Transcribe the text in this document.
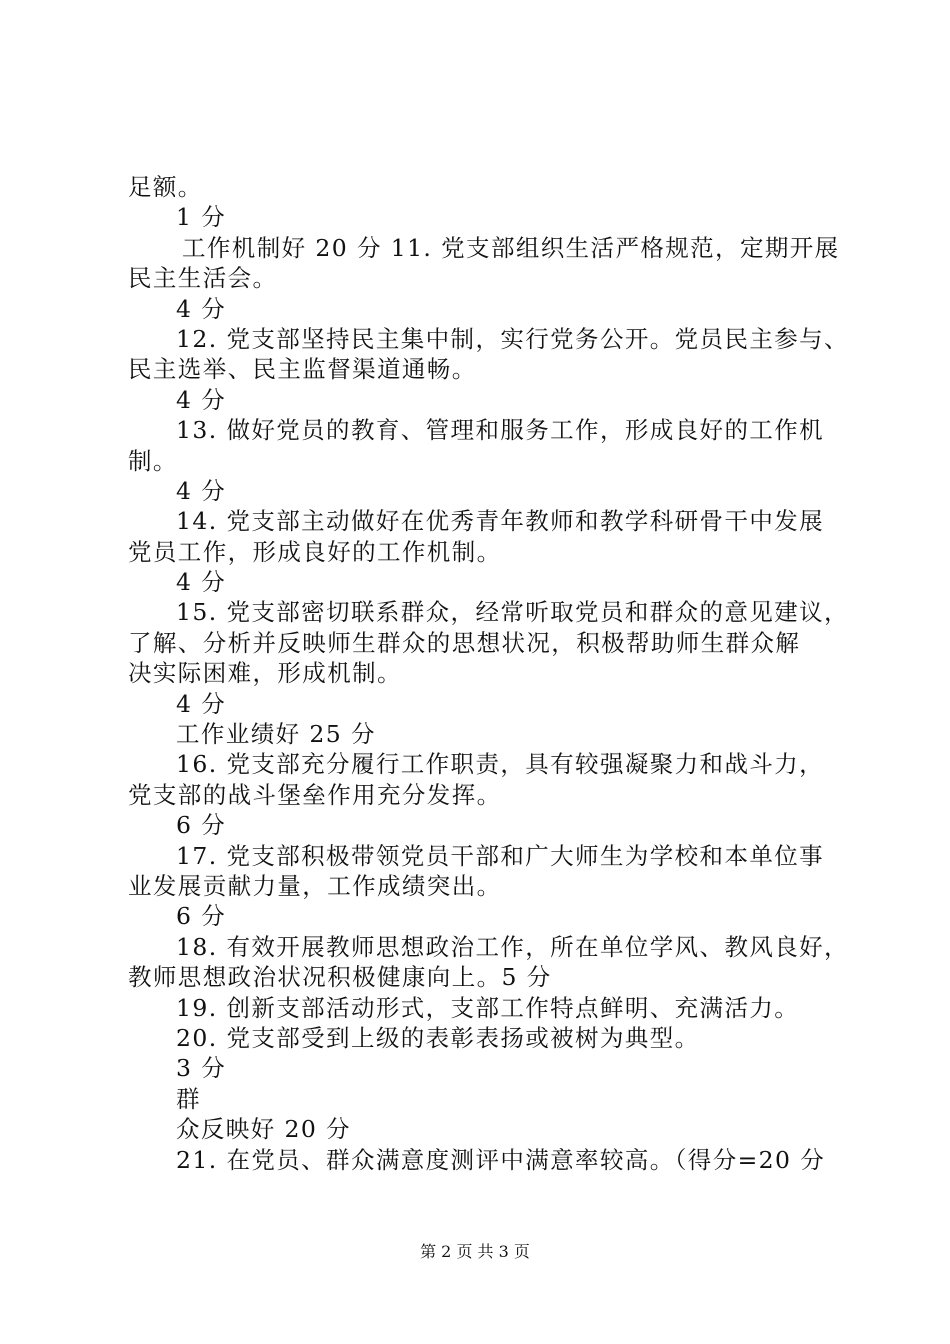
足额。
1 分
工作机制好 20 分 11. 党支部组织生活严格规范，定期开展
民主生活会。
4 分
12. 党支部坚持民主集中制，实行党务公开。党员民主参与、
民主选举、民主监督渠道通畅。
4 分
13. 做好党员的教育、管理和服务工作，形成良好的工作机
制。
4 分
14. 党支部主动做好在优秀青年教师和教学科研骨干中发展
党员工作，形成良好的工作机制。
4 分
15. 党支部密切联系群众，经常听取党员和群众的意见建议，
了解、分析并反映师生群众的思想状况，积极帮助师生群众解
决实际困难，形成机制。
4 分
工作业绩好 25 分
16. 党支部充分履行工作职责，具有较强凝聚力和战斗力，
党支部的战斗堡垒作用充分发挥。
6 分
17. 党支部积极带领党员干部和广大师生为学校和本单位事
业发展贡献力量，工作成绩突出。
6 分
18. 有效开展教师思想政治工作，所在单位学风、教风良好，
教师思想政治状况积极健康向上。5 分
19. 创新支部活动形式，支部工作特点鲜明、充满活力。
20. 党支部受到上级的表彰表扬或被树为典型。
3 分
群
众反映好 20 分
21. 在党员、群众满意度测评中满意率较高。（得分=20 分
第 2 页 共 3 页
